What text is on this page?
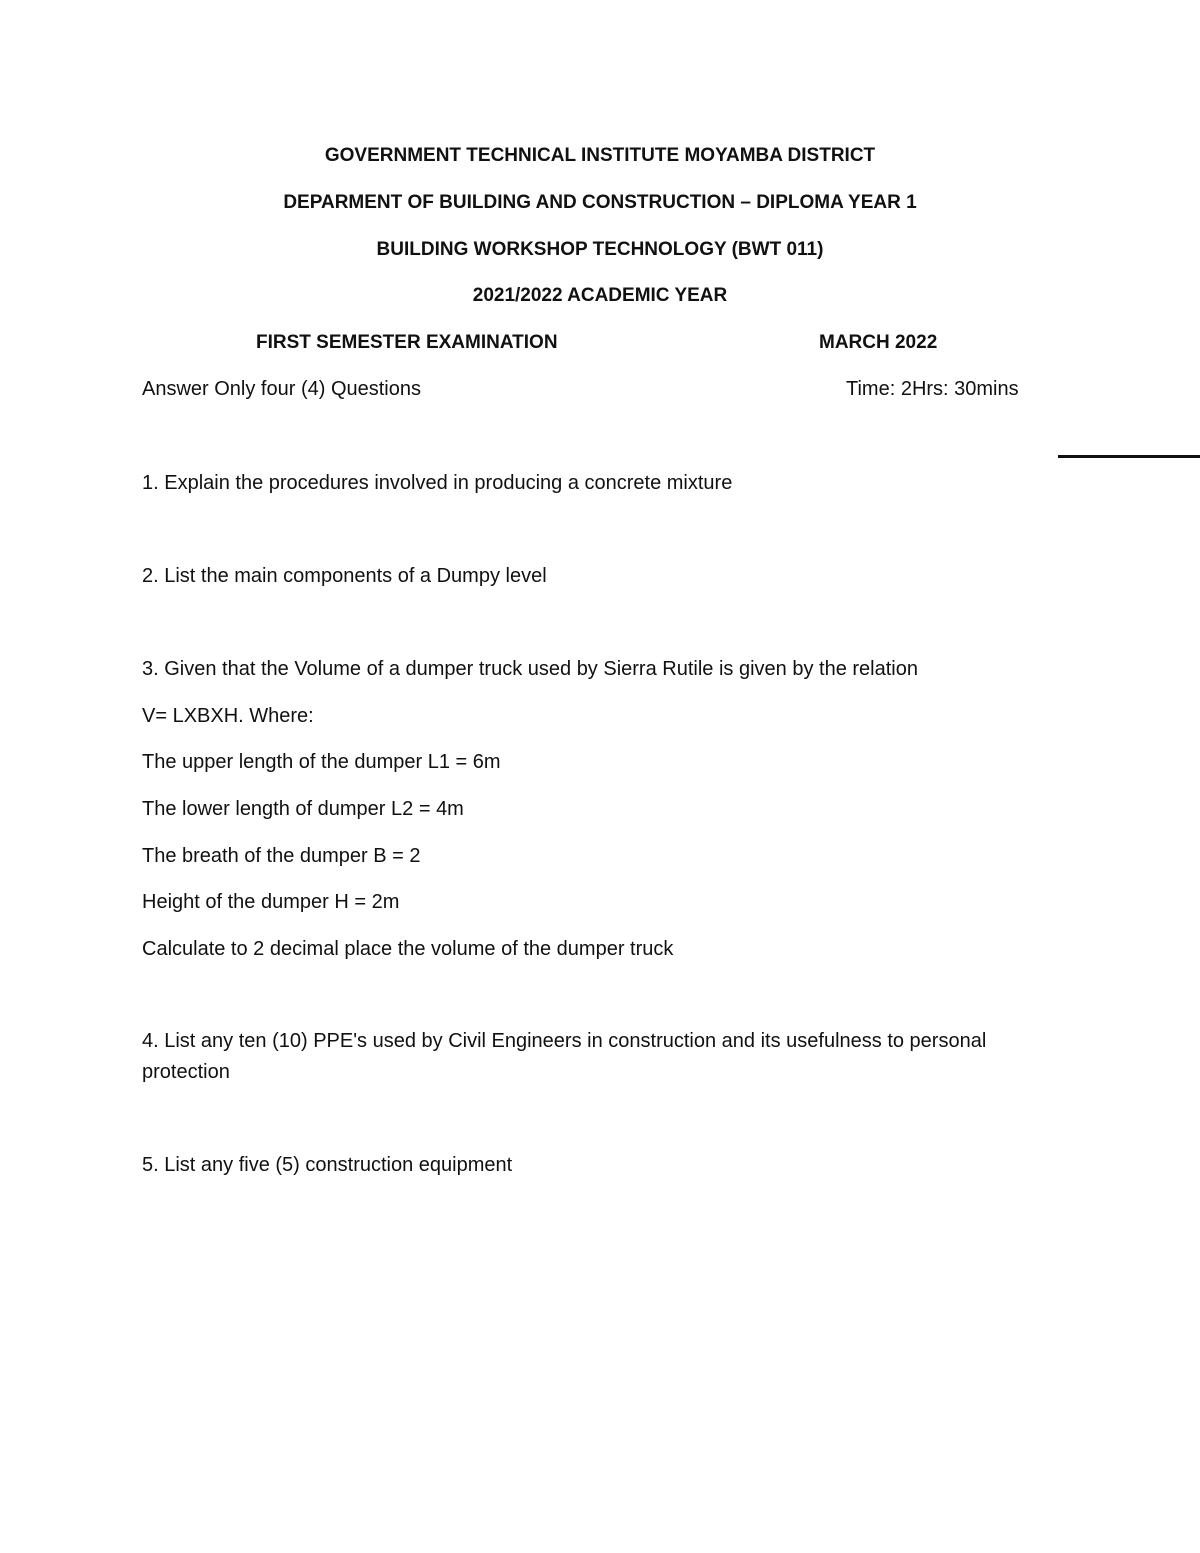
GOVERNMENT TECHNICAL INSTITUTE MOYAMBA DISTRICT
DEPARMENT OF BUILDING AND CONSTRUCTION – DIPLOMA YEAR 1
BUILDING WORKSHOP TECHNOLOGY (BWT 011)
2021/2022 ACADEMIC YEAR
FIRST SEMESTER EXAMINATION	MARCH 2022
Answer Only four (4) Questions	Time: 2Hrs: 30mins
1. Explain the procedures involved in producing a concrete mixture
2. List the main components of a Dumpy level
3. Given that the Volume of a dumper truck used by Sierra Rutile is given by the relation
V= LXBXH. Where:
The upper length of the dumper L1 = 6m
The lower length of dumper L2 = 4m
The breath of the dumper B = 2
Height of the dumper H = 2m
Calculate to 2 decimal place the volume of the dumper truck
4. List any ten (10) PPE's used by Civil Engineers in construction and its usefulness to personal protection
5. List any five (5) construction equipment
